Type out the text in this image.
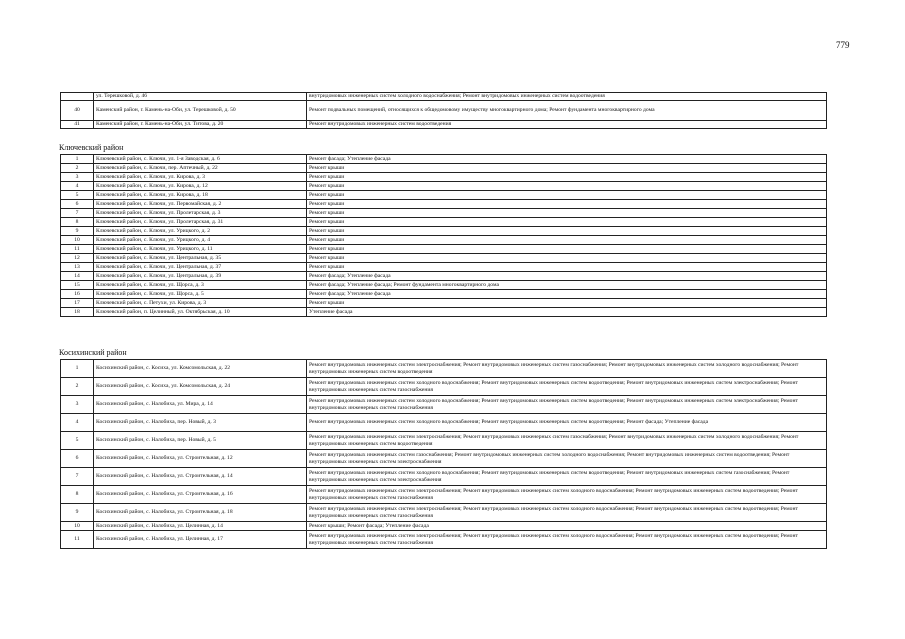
779
	ул. Терешковой, д. 46	внутридомовых инженерных систем холодного водоснабжения; Ремонт внутридомовых инженерных систем водоотведения
40	Каменский район, г. Камень-на-Оби, ул. Терешковой, д. 50	Ремонт подвальных помещений, относящихся к общедомовому имуществу многоквартирного дома; Ремонт фундамента многоквартирного дома
41	Каменский район, г. Камень-на-Оби, ул. Титова, д. 20	Ремонт внутридомовых инженерных систем водоотведения
Ключевский район
1	Ключевский район, с. Ключи, ул. 1-я Заводская, д. 6	Ремонт фасада; Утепление фасада
2	Ключевский район, с. Ключи, пер. Аптечный, д. 22	Ремонт крыши
3	Ключевский район, с. Ключи, ул. Кирова, д. 3	Ремонт крыши
4	Ключевский район, с. Ключи, ул. Кирова, д. 12	Ремонт крыши
5	Ключевский район, с. Ключи, ул. Кирова, д. 18	Ремонт крыши
6	Ключевский район, с. Ключи, ул. Первомайская, д. 2	Ремонт крыши
7	Ключевский район, с. Ключи, ул. Пролетарская, д. 3	Ремонт крыши
8	Ключевский район, с. Ключи, ул. Пролетарская, д. 31	Ремонт крыши
9	Ключевский район, с. Ключи, ул. Урицкого, д. 2	Ремонт крыши
10	Ключевский район, с. Ключи, ул. Урицкого, д. 4	Ремонт крыши
11	Ключевский район, с. Ключи, ул. Урицкого, д. 11	Ремонт крыши
12	Ключевский район, с. Ключи, ул. Центральная, д. 35	Ремонт крыши
13	Ключевский район, с. Ключи, ул. Центральная, д. 37	Ремонт крыши
14	Ключевский район, с. Ключи, ул. Центральная, д. 39	Ремонт фасада; Утепление фасада
15	Ключевский район, с. Ключи, ул. Щорса, д. 3	Ремонт фасада; Утепление фасада; Ремонт фундамента многоквартирного дома
16	Ключевский район, с. Ключи, ул. Щорса, д. 5	Ремонт фасада; Утепление фасада
17	Ключевский район, с. Петухи, ул. Кирова, д. 3	Ремонт крыши
18	Ключевский район, п. Целинный, ул. Октябрьская, д. 10	Утепление фасада
Косихинский район
1	Косихинский район, с. Косиха, ул. Комсомольская, д. 22	Ремонт внутридомовых инженерных систем электроснабжения; Ремонт внутридомовых инженерных систем газоснабжения; Ремонт внутридомовых инженерных систем холодного водоснабжения; Ремонт внутридомовых инженерных систем водоотведения
2	Косихинский район, с. Косиха, ул. Комсомольская, д. 24	Ремонт внутридомовых инженерных систем холодного водоснабжения; Ремонт внутридомовых инженерных систем водоотведения; Ремонт внутридомовых инженерных систем электроснабжения; Ремонт внутридомовых инженерных систем газоснабжения
3	Косихинский район, с. Налобиха, ул. Мира, д. 14	Ремонт внутридомовых инженерных систем холодного водоснабжения; Ремонт внутридомовых инженерных систем водоотведения; Ремонт внутридомовых инженерных систем электроснабжения; Ремонт внутридомовых инженерных систем газоснабжения
4	Косихинский район, с. Налобиха, пер. Новый, д. 3	Ремонт внутридомовых инженерных систем холодного водоснабжения; Ремонт внутридомовых инженерных систем водоотведения; Ремонт фасада; Утепление фасада
5	Косихинский район, с. Налобиха, пер. Новый, д. 5	Ремонт внутридомовых инженерных систем электроснабжения; Ремонт внутридомовых инженерных систем газоснабжения; Ремонт внутридомовых инженерных систем холодного водоснабжения; Ремонт внутридомовых инженерных систем водоотведения
6	Косихинский район, с. Налобиха, ул. Строительная, д. 12	Ремонт внутридомовых инженерных систем газоснабжения; Ремонт внутридомовых инженерных систем холодного водоснабжения; Ремонт внутридомовых инженерных систем водоотведения; Ремонт внутридомовых инженерных систем электроснабжения
7	Косихинский район, с. Налобиха, ул. Строительная, д. 14	Ремонт внутридомовых инженерных систем холодного водоснабжения; Ремонт внутридомовых инженерных систем водоотведения; Ремонт внутридомовых инженерных систем газоснабжения; Ремонт внутридомовых инженерных систем электроснабжения
8	Косихинский район, с. Налобиха, ул. Строительная, д. 16	Ремонт внутридомовых инженерных систем электроснабжения; Ремонт внутридомовых инженерных систем холодного водоснабжения; Ремонт внутридомовых инженерных систем водоотведения; Ремонт внутридомовых инженерных систем газоснабжения
9	Косихинский район, с. Налобиха, ул. Строительная, д. 18	Ремонт внутридомовых инженерных систем электроснабжения; Ремонт внутридомовых инженерных систем холодного водоснабжения; Ремонт внутридомовых инженерных систем водоотведения; Ремонт внутридомовых инженерных систем газоснабжения
10	Косихинский район, с. Налобиха, ул. Целинная, д. 14	Ремонт крыши; Ремонт фасада; Утепление фасада
11	Косихинский район, с. Налобиха, ул. Целинная, д. 17	Ремонт внутридомовых инженерных систем электроснабжения; Ремонт внутридомовых инженерных систем холодного водоснабжения; Ремонт внутридомовых инженерных систем водоотведения; Ремонт внутридомовых инженерных систем газоснабжения
